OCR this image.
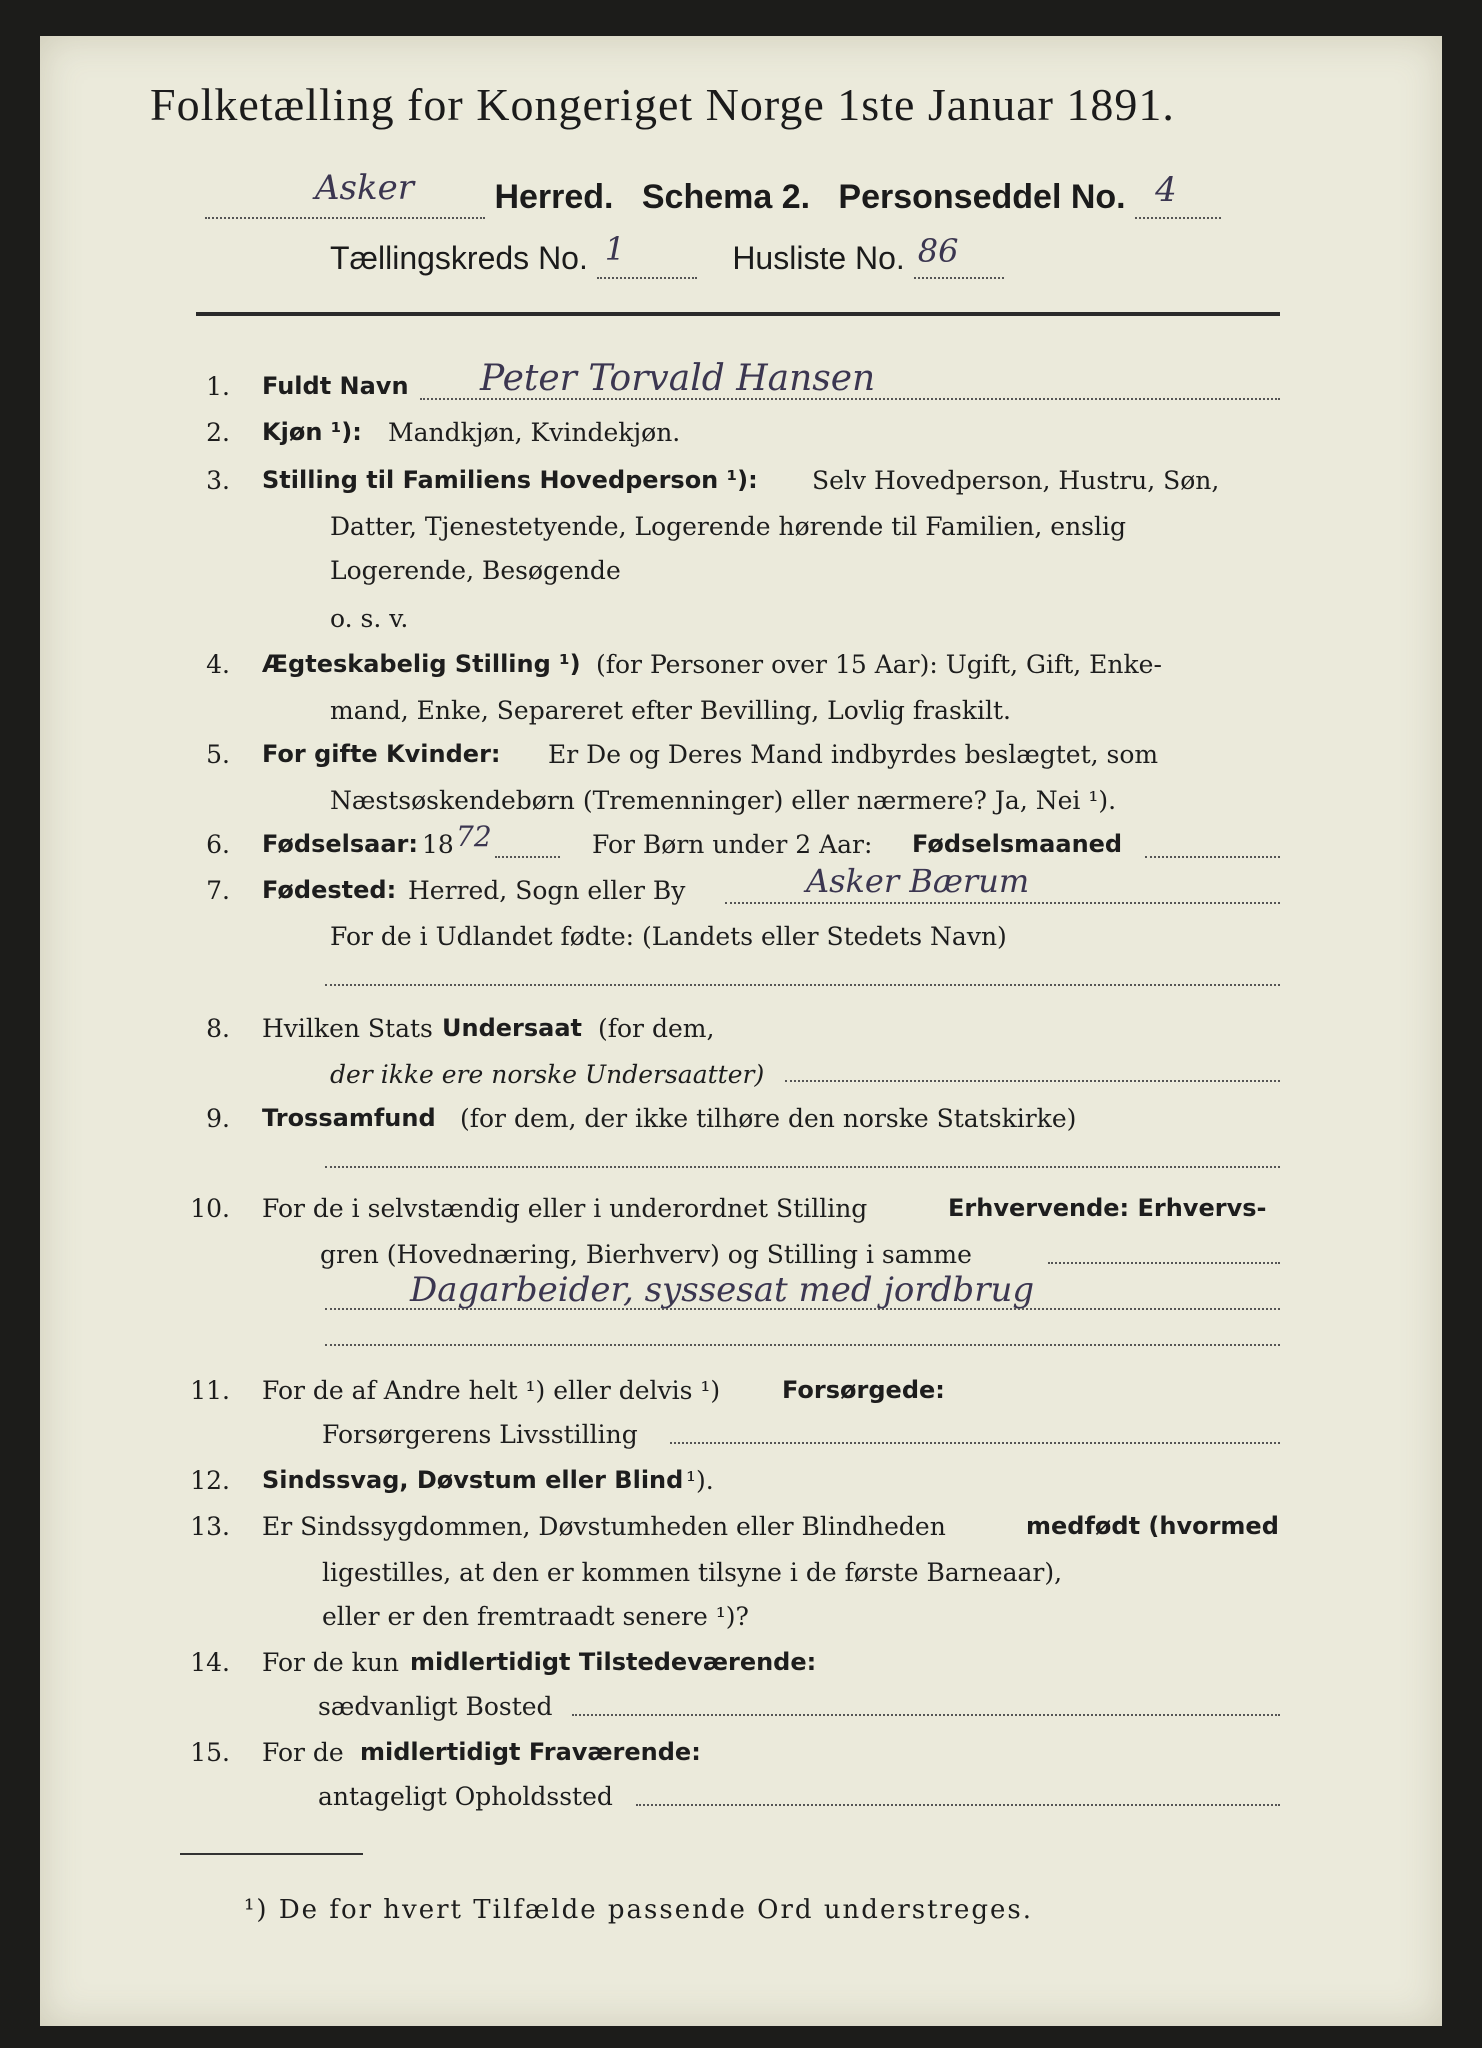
Folketælling for Kongeriget Norge 1ste Januar 1891.
Asker Herred. Schema 2. Personseddel No. 4

Tællingskreds No. 1	Husliste No. 86

1. Fuldt Navn Peter Torvald Hansen
2. Kjøn ¹): Mandkjøn, Kvindekjøn.
3. Stilling til Familiens Hovedperson ¹): Selv Hovedperson, Hustru, Søn,
Datter, Tjenestetyende, Logerende hørende til Familien, enslig
Logerende, Besøgende
o. s. v.
4. Ægteskabelig Stilling ¹) (for Personer over 15 Aar): Ugift, Gift, Enke-
mand, Enke, Separeret efter Bevilling, Lovlig fraskilt.
5. For gifte Kvinder: Er De og Deres Mand indbyrdes beslægtet, som
Næstsøskendebørn (Tremenninger) eller nærmere? Ja, Nei ¹).
6. Fødselsaar: 18 72	For Børn under 2 Aar: Fødselsmaaned
7. Fødested: Herred, Sogn eller By	Asker Bærum
For de i Udlandet fødte: (Landets eller Stedets Navn)
8. Hvilken Stats Undersaat (for dem,
der ikke ere norske Undersaatter)
9. Trossamfund (for dem, der ikke tilhøre den norske Statskirke)
10. For de i selvstændig eller i underordnet Stilling	Erhvervende: Erhvervs-
gren (Hovednæring, Bierhverv) og Stilling i samme
Dagarbeider, syssesat med jordbrug
11. For de af Andre helt ¹) eller delvis ¹)	Forsørgede:
Forsørgerens Livsstilling
12. Sindssvag, Døvstum eller Blind ¹).
13. Er Sindssygdommen, Døvstumheden eller Blindheden	medfødt (hvormed
ligestilles, at den er kommen tilsyne i de første Barneaar),
eller er den fremtraadt senere ¹)?
14. For de kun midlertidigt Tilstedeværende:
sædvanligt Bosted
15. For de midlertidigt Fraværende:
antageligt Opholdssted
¹) De for hvert Tilfælde passende Ord understreges.
